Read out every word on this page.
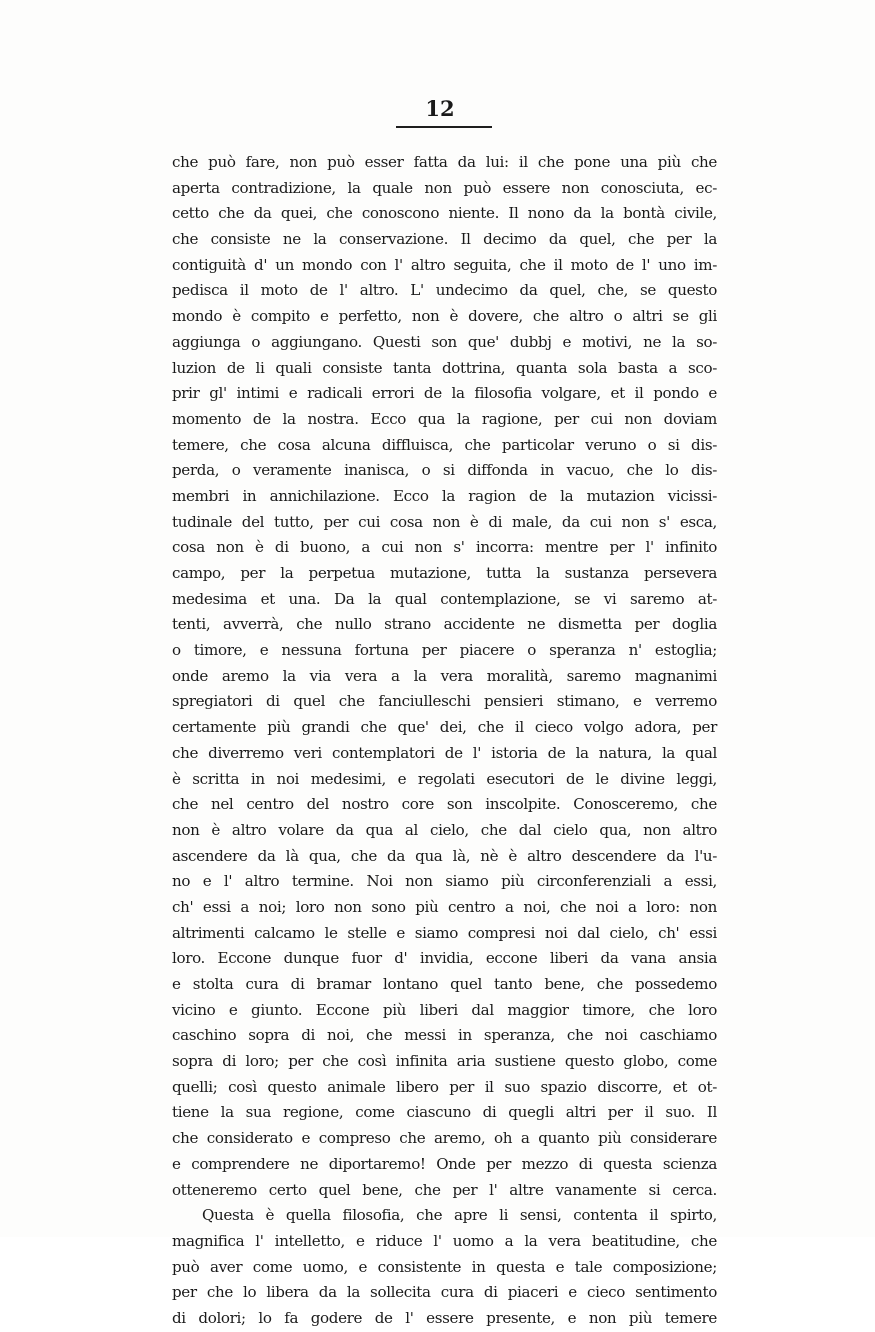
12
che può fare, non può esser fatta da lui: il che pone una più che
aperta contradizione, la quale non può essere non conosciuta, ec-
cetto che da quei, che conoscono niente. Il nono da la bontà civile,
che consiste ne la conservazione. Il decimo da quel, che per la
contiguità d' un mondo con l' altro seguita, che il moto de l' uno im-
pedisca il moto de l' altro. L' undecimo da quel, che, se questo
mondo è compito e perfetto, non è dovere, che altro o altri se gli
aggiunga o aggiungano. Questi son que' dubbj e motivi, ne la so-
luzion de li quali consiste tanta dottrina, quanta sola basta a sco-
prir gl' intimi e radicali errori de la filosofia volgare, et il pondo e
momento de la nostra. Ecco qua la ragione, per cui non doviam
temere, che cosa alcuna diffluisca, che particolar veruno o si dis-
perda, o veramente inanisca, o si diffonda in vacuo, che lo dis-
membri in annichilazione. Ecco la ragion de la mutazion vicissi-
tudinale del tutto, per cui cosa non è di male, da cui non s' esca,
cosa non è di buono, a cui non s' incorra: mentre per l' infinito
campo, per la perpetua mutazione, tutta la sustanza persevera
medesima et una. Da la qual contemplazione, se vi saremo at-
tenti, avverrà, che nullo strano accidente ne dismetta per doglia
o timore, e nessuna fortuna per piacere o speranza n' estoglia;
onde aremo la via vera a la vera moralità, saremo magnanimi
spregiatori di quel che fanciulleschi pensieri stimano, e verremo
certamente più grandi che que' dei, che il cieco volgo adora, per
che diverremo veri contemplatori de l' istoria de la natura, la qual
è scritta in noi medesimi, e regolati esecutori de le divine leggi,
che nel centro del nostro core son inscolpite. Conosceremo, che
non è altro volare da qua al cielo, che dal cielo qua, non altro
ascendere da là qua, che da qua là, nè è altro descendere da l'u-
no e l' altro termine. Noi non siamo più circonferenziali a essi,
ch' essi a noi; loro non sono più centro a noi, che noi a loro: non
altrimenti calcamo le stelle e siamo compresi noi dal cielo, ch' essi
loro. Eccone dunque fuor d' invidia, eccone liberi da vana ansia
e stolta cura di bramar lontano quel tanto bene, che possedemo
vicino e giunto. Eccone più liberi dal maggior timore, che loro
caschino sopra di noi, che messi in speranza, che noi caschiamo
sopra di loro; per che così infinita aria sustiene questo globo, come
quelli; così questo animale libero per il suo spazio discorre, et ot-
tiene la sua regione, come ciascuno di quegli altri per il suo. Il
che considerato e compreso che aremo, oh a quanto più considerare
e comprendere ne diportaremo! Onde per mezzo di questa scienza
otteneremo certo quel bene, che per l' altre vanamente si cerca.
Questa è quella filosofia, che apre li sensi, contenta il spirto,
magnifica l' intelletto, e riduce l' uomo a la vera beatitudine, che
può aver come uomo, e consistente in questa e tale composizione;
per che lo libera da la sollecita cura di piaceri e cieco sentimento
di dolori; lo fa godere de l' essere presente, e non più temere
